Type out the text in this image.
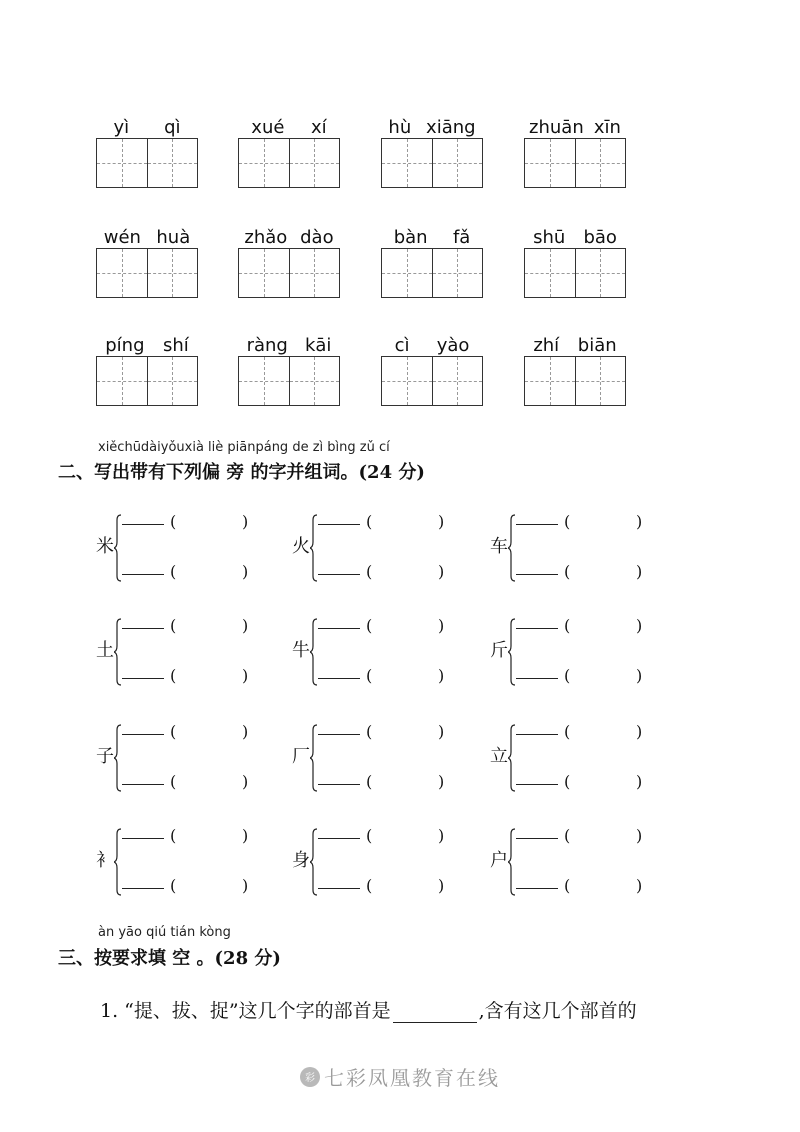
yì qì	xué xí	hù xiāng	zhuān xīn
wén huà	zhǎo dào	bàn fǎ	shū bāo
píng shí	ràng kāi	cì yào	zhí biān
xiěchūdàiyǒuxià liè piānpáng de zì bìng zǔ cí
二、写出带有下列偏 旁 的字并组词。(24 分)
米
(	)
(	)
火
(	)
(	)
车
(	)
(	)
土
(	)
(	)
牛
(	)
(	)
斤
(	)
(	)
子
(	)
(	)
厂
(	)
(	)
立
(	)
(	)
衤
(	)
(	)
身
(	)
(	)
户
(	)
(	)
àn yāo qiú tián kòng
三、按要求填 空 。(28 分)
1. “提、拔、捉”这几个字的部首是	,含有这几个部首的
彩 七彩凤凰教育在线
